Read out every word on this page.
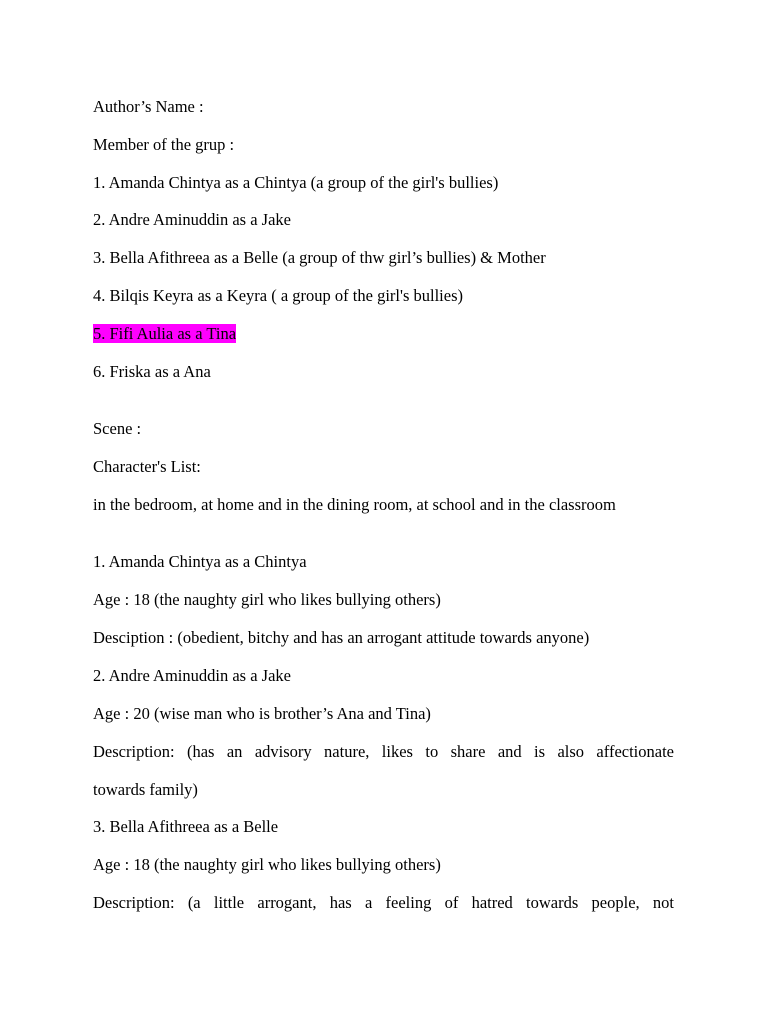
Author’s Name :
Member of the grup :
1. Amanda Chintya as a Chintya (a group of the girl's bullies)
2. Andre Aminuddin as a Jake
3. Bella Afithreea as a Belle (a group of thw girl’s bullies) & Mother
4. Bilqis Keyra as a Keyra ( a group of the girl's bullies)
5. Fifi Aulia as a Tina
6. Friska as a Ana
Scene :
Character's List:
in the bedroom, at home and in the dining room, at school and in the classroom
1. Amanda Chintya as a Chintya
Age : 18 (the naughty girl who likes bullying others)
Desciption : (obedient, bitchy and has an arrogant attitude towards anyone)
2. Andre Aminuddin as a Jake
Age : 20 (wise man who is brother’s Ana and Tina)
Description: (has an advisory nature, likes to share and is also affectionate
towards family)
3. Bella Afithreea as a Belle
Age : 18 (the naughty girl who likes bullying others)
Description: (a little arrogant, has a feeling of hatred towards people, not
